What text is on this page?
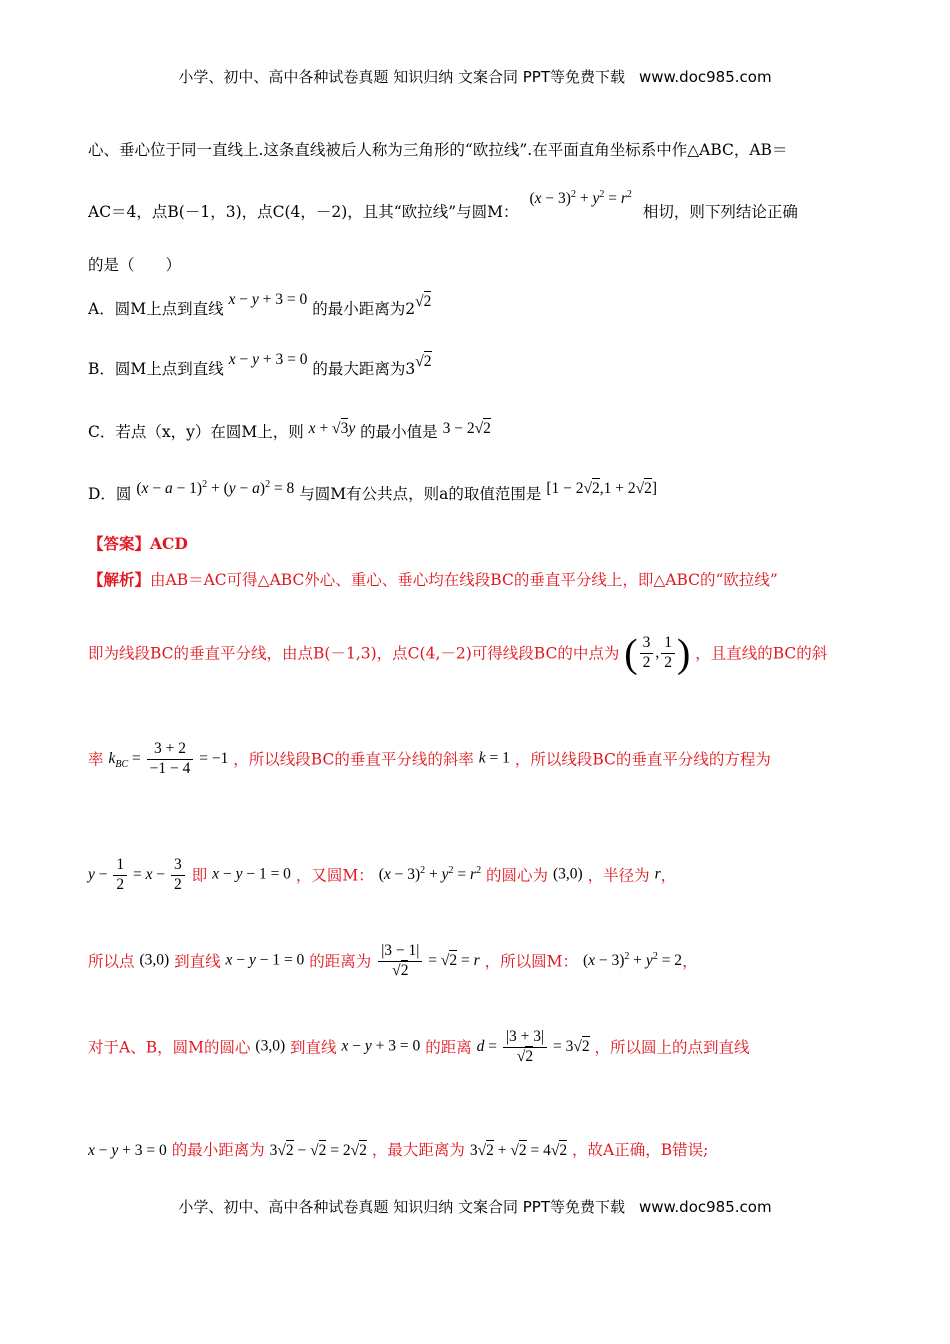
小学、初中、高中各种试卷真题 知识归纳 文案合同 PPT等免费下载 www.doc985.com
心、垂心位于同一直线上.这条直线被后人称为三角形的“欧拉线”.在平面直角坐标系中作△ABC，AB＝
AC＝4，点B(－1，3)，点C(4，－2)，且其“欧拉线”与圆M： $(x - 3)^2 + y^2 = r^2$ 相切，则下列结论正确
的是（　　）
A．圆M上点到直线 x − y + 3 = 0 的最小距离为2√2
B．圆M上点到直线 x − y + 3 = 0 的最大距离为3√2
C．若点（x，y）在圆M上，则 x + √3y 的最小值是 3 − 2√2
D．圆 $(x - a - 1)^2 + (y - a)^2 = 8$ 与圆M有公共点，则a的取值范围是 [1 − 2√2,1 + 2√2]
【答案】ACD
【解析】由AB＝AC可得△ABC外心、重心、垂心均在线段BC的垂直平分线上，即△ABC的“欧拉线”
即为线段BC的垂直平分线，由点B(－1,3)，点C(4,－2)可得线段BC的中点为 ( $\frac{3}{2}$ , $\frac{1}{2}$ ) ，且直线的BC的斜
率 $k_{BC} = \frac{3 + 2}{-1 - 4} = -1$ ，所以线段BC的垂直平分线的斜率 k = 1 ，所以线段BC的垂直平分线的方程为
$y - \frac{1}{2} = x - \frac{3}{2}$ 即 x − y − 1 = 0 ，又圆M： $(x - 3)^2 + y^2 = r^2$ 的圆心为 (3,0) ，半径为 r，
所以点 (3,0) 到直线 x − y − 1 = 0 的距离为 $\frac{|3 - 1|}{√2} = √2 = r$ ，所以圆M： $(x - 3)^2 + y^2 = 2$，
对于A、B，圆M的圆心 (3,0) 到直线 x − y + 3 = 0 的距离 $d = \frac{|3 + 3|}{√2} = 3√2$ ，所以圆上的点到直线
x − y + 3 = 0 的最小距离为 3√2 − √2 = 2√2 ，最大距离为 3√2 + √2 = 4√2 ，故A正确，B错误;
小学、初中、高中各种试卷真题 知识归纳 文案合同 PPT等免费下载 www.doc985.com
